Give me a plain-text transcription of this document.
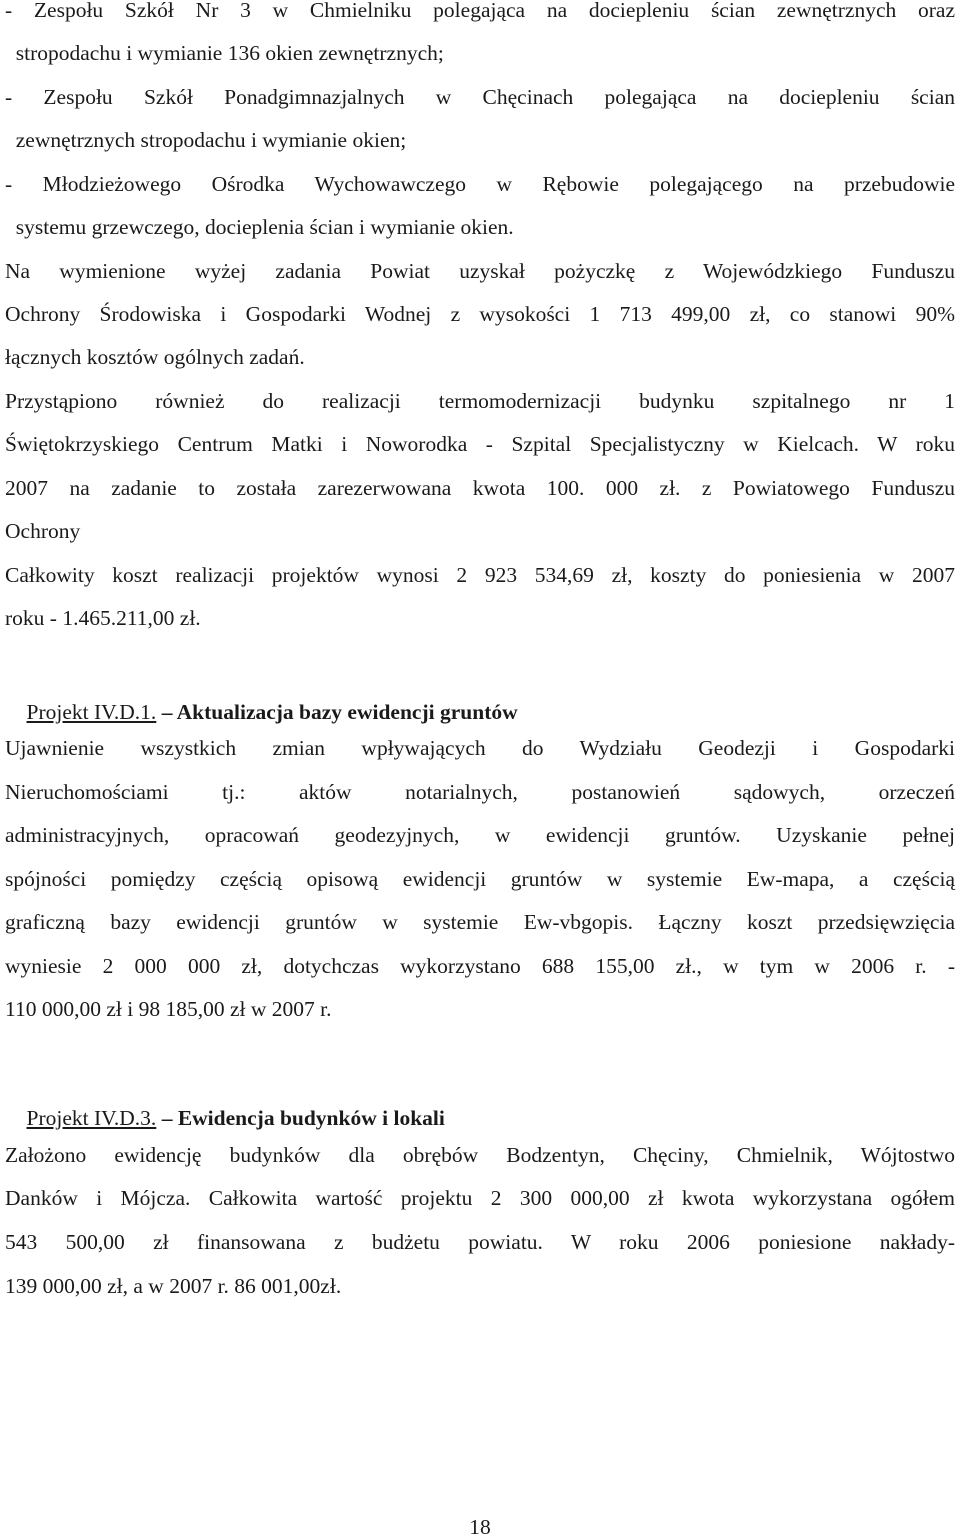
- Zespołu Szkół Nr 3 w Chmielniku polegająca na dociepleniu ścian zewnętrznych oraz
stropodachu i wymianie 136 okien zewnętrznych;
- Zespołu Szkół Ponadgimnazjalnych w Chęcinach polegająca na dociepleniu ścian
zewnętrznych stropodachu i wymianie okien;
- Młodzieżowego Ośrodka Wychowawczego w Rębowie polegającego na przebudowie
systemu grzewczego, docieplenia ścian i wymianie okien.
Na wymienione wyżej zadania Powiat uzyskał pożyczkę z Wojewódzkiego Funduszu
Ochrony Środowiska i Gospodarki Wodnej z wysokości 1 713 499,00 zł, co stanowi 90%
łącznych kosztów ogólnych zadań.
Przystąpiono również do realizacji termomodernizacji budynku szpitalnego nr 1
Świętokrzyskiego Centrum Matki i Noworodka - Szpital Specjalistyczny w Kielcach. W roku
2007 na zadanie to została zarezerwowana kwota 100. 000 zł. z Powiatowego Funduszu
Ochrony
Całkowity koszt realizacji projektów wynosi 2 923 534,69 zł, koszty do poniesienia w 2007
roku - 1.465.211,00 zł.

Projekt IV.D.1. – Aktualizacja bazy ewidencji gruntów

Ujawnienie wszystkich zmian wpływających do Wydziału Geodezji i Gospodarki
Nieruchomościami tj.: aktów notarialnych, postanowień sądowych, orzeczeń
administracyjnych, opracowań geodezyjnych, w ewidencji gruntów. Uzyskanie pełnej
spójności pomiędzy częścią opisową ewidencji gruntów w systemie Ew-mapa, a częścią
graficzną bazy ewidencji gruntów w systemie Ew-vbgopis. Łączny koszt przedsięwzięcia
wyniesie 2 000 000 zł, dotychczas wykorzystano 688 155,00 zł., w tym w 2006 r. -
110 000,00 zł i 98 185,00 zł w 2007 r.

Projekt IV.D.3. – Ewidencja budynków i lokali

Założono ewidencję budynków dla obrębów Bodzentyn, Chęciny, Chmielnik, Wójtostwo
Danków i Mójcza. Całkowita wartość projektu 2 300 000,00 zł kwota wykorzystana ogółem
543 500,00 zł finansowana z budżetu powiatu. W roku 2006 poniesione nakłady-
139 000,00 zł, a w 2007 r. 86 001,00zł.
18
